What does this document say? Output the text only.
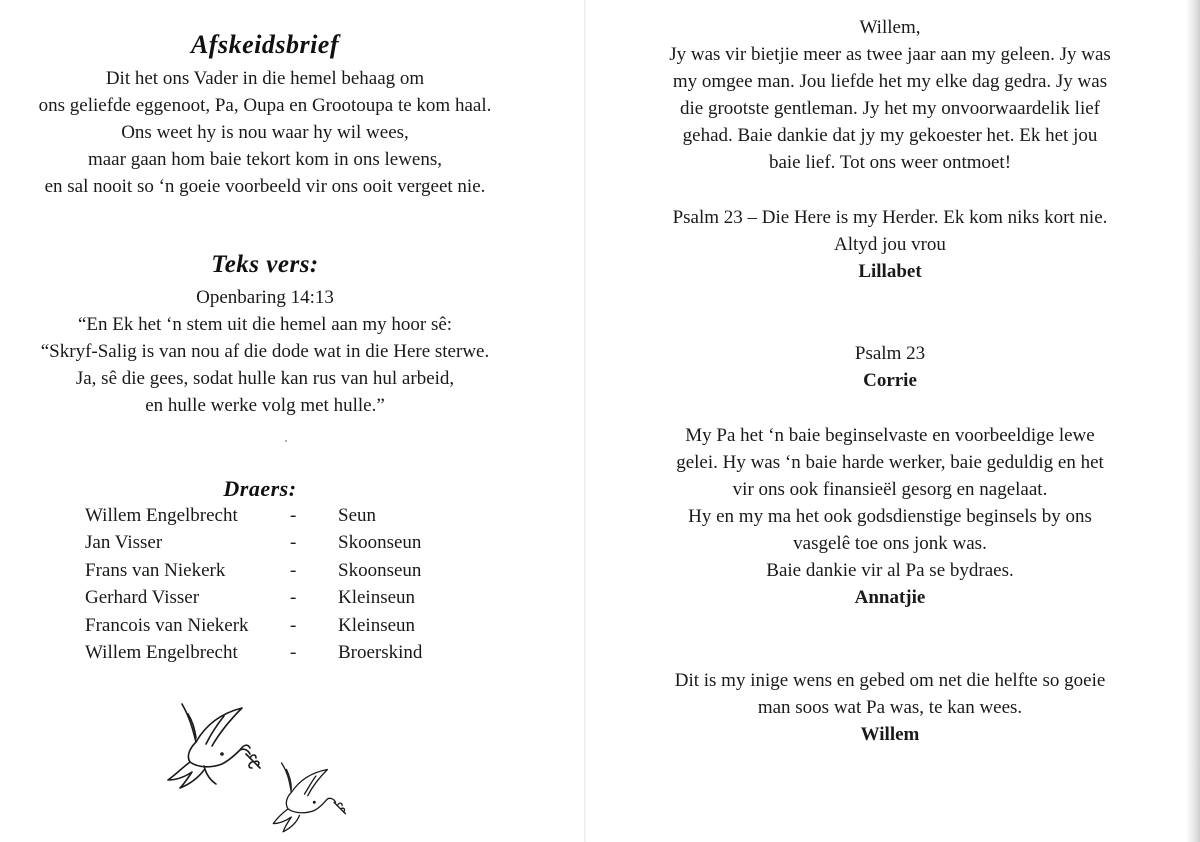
Afskeidsbrief
Dit het ons Vader in die hemel behaag om
ons geliefde eggenoot, Pa, Oupa en Grootoupa te kom haal.
Ons weet hy is nou waar hy wil wees,
maar gaan hom baie tekort kom in ons lewens,
en sal nooit so ‘n goeie voorbeeld vir ons ooit vergeet nie.
Teks vers:
Openbaring 14:13
“En Ek het ‘n stem uit die hemel aan my hoor sê:
“Skryf-Salig is van nou af die dode wat in die Here sterwe.
Ja, sê die gees, sodat hulle kan rus van hul arbeid,
en hulle werke volg met hulle.”
Draers:
Willem Engelbrecht	- Seun
Jan Visser	- Skoonseun
Frans van Niekerk	- Skoonseun
Gerhard Visser	- Kleinseun
Francois van Niekerk - Kleinseun
Willem Engelbrecht	- Broerskind
Willem,
Jy was vir bietjie meer as twee jaar aan my geleen. Jy was
my omgee man. Jou liefde het my elke dag gedra. Jy was
die grootste gentleman. Jy het my onvoorwaardelik lief
gehad. Baie dankie dat jy my gekoester het. Ek het jou
baie lief. Tot ons weer ontmoet!
Psalm 23 – Die Here is my Herder. Ek kom niks kort nie.
Altyd jou vrou
Lillabet
Psalm 23
Corrie
My Pa het ‘n baie beginselvaste en voorbeeldige lewe
gelei. Hy was ‘n baie harde werker, baie geduldig en het
vir ons ook finansieël gesorg en nagelaat.
Hy en my ma het ook godsdienstige beginsels by ons
vasgelê toe ons jonk was.
Baie dankie vir al Pa se bydraes.
Annatjie
Dit is my inige wens en gebed om net die helfte so goeie
man soos wat Pa was, te kan wees.
Willem
